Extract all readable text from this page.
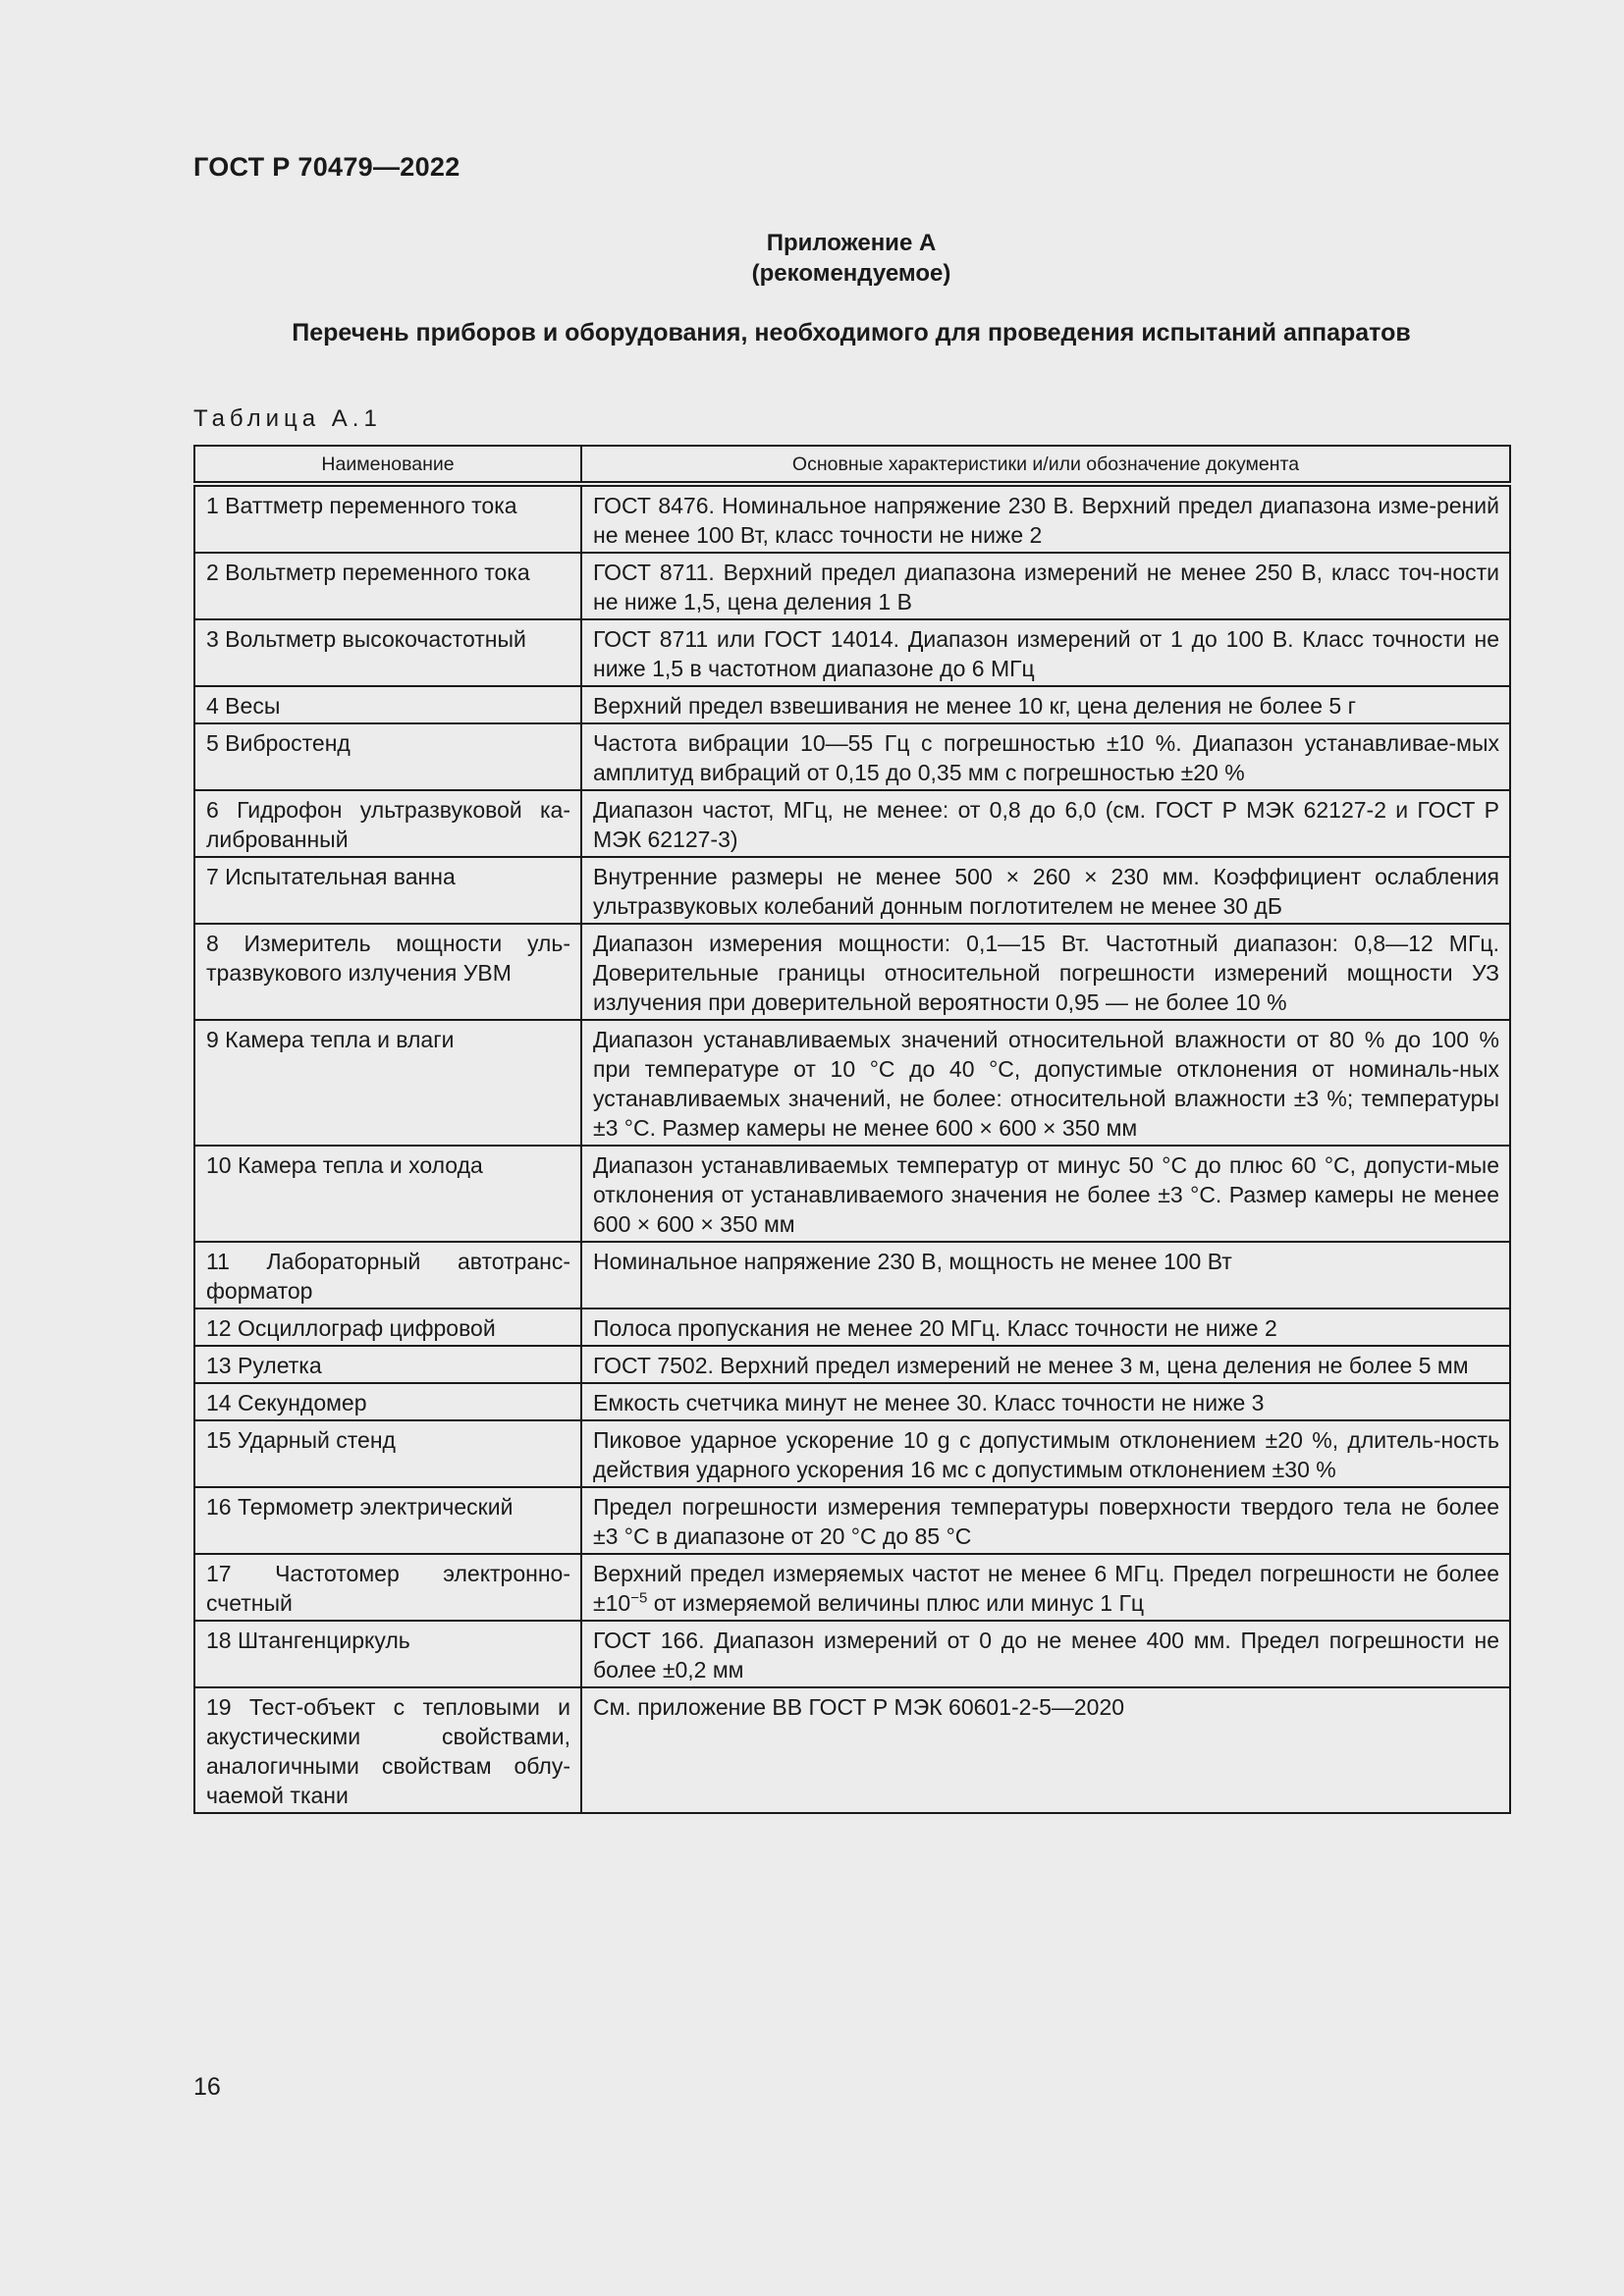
ГОСТ Р 70479—2022
Приложение А
(рекомендуемое)
Перечень приборов и оборудования, необходимого для проведения испытаний аппаратов
Таблица А.1
Наименование	Основные характеристики и/или обозначение документа
1 Ваттметр переменного тока	ГОСТ 8476. Номинальное напряжение 230 В. Верхний предел диапазона изме-рений не менее 100 Вт, класс точности не ниже 2
2 Вольтметр переменного тока	ГОСТ 8711. Верхний предел диапазона измерений не менее 250 В, класс точ-ности не ниже 1,5, цена деления 1 В
3 Вольтметр высокочастотный	ГОСТ 8711 или ГОСТ 14014. Диапазон измерений от 1 до 100 В. Класс точности не ниже 1,5 в частотном диапазоне до 6 МГц
4 Весы	Верхний предел взвешивания не менее 10 кг, цена деления не более 5 г
5 Вибростенд	Частота вибрации 10—55 Гц с погрешностью ±10 %. Диапазон устанавливае-мых амплитуд вибраций от 0,15 до 0,35 мм с погрешностью ±20 %
6 Гидрофон ультразвуковой ка-либрованный	Диапазон частот, МГц, не менее: от 0,8 до 6,0 (см. ГОСТ Р МЭК 62127-2 и ГОСТ Р МЭК 62127-3)
7 Испытательная ванна	Внутренние размеры не менее 500 × 260 × 230 мм. Коэффициент ослабления ультразвуковых колебаний донным поглотителем не менее 30 дБ
8 Измеритель мощности уль-тразвукового излучения УВМ	Диапазон измерения мощности: 0,1—15 Вт. Частотный диапазон: 0,8—12 МГц. Доверительные границы относительной погрешности измерений мощности УЗ излучения при доверительной вероятности 0,95 — не более 10 %
9 Камера тепла и влаги	Диапазон устанавливаемых значений относительной влажности от 80 % до 100 % при температуре от 10 °С до 40 °С, допустимые отклонения от номиналь-ных устанавливаемых значений, не более: относительной влажности ±3 %; температуры ±3 °С. Размер камеры не менее 600 × 600 × 350 мм
10 Камера тепла и холода	Диапазон устанавливаемых температур от минус 50 °С до плюс 60 °С, допусти-мые отклонения от устанавливаемого значения не более ±3 °С. Размер камеры не менее 600 × 600 × 350 мм
11 Лабораторный автотранс-форматор	Номинальное напряжение 230 В, мощность не менее 100 Вт
12 Осциллограф цифровой	Полоса пропускания не менее 20 МГц. Класс точности не ниже 2
13 Рулетка	ГОСТ 7502. Верхний предел измерений не менее 3 м, цена деления не более 5 мм
14 Секундомер	Емкость счетчика минут не менее 30. Класс точности не ниже 3
15 Ударный стенд	Пиковое ударное ускорение 10 g с допустимым отклонением ±20 %, длитель-ность действия ударного ускорения 16 мс с допустимым отклонением ±30 %
16 Термометр электрический	Предел погрешности измерения температуры поверхности твердого тела не более ±3 °С в диапазоне от 20 °С до 85 °С
17 Частотомер электронно-счетный	Верхний предел измеряемых частот не менее 6 МГц. Предел погрешности не более $\pm 10^{-5}$ от измеряемой величины плюс или минус 1 Гц
18 Штангенциркуль	ГОСТ 166. Диапазон измерений от 0 до не менее 400 мм. Предел погрешности не более ±0,2 мм
19 Тест-объект с тепловыми и акустическими свойствами, аналогичными свойствам облу-чаемой ткани	См. приложение ВВ ГОСТ Р МЭК 60601-2-5—2020
16
